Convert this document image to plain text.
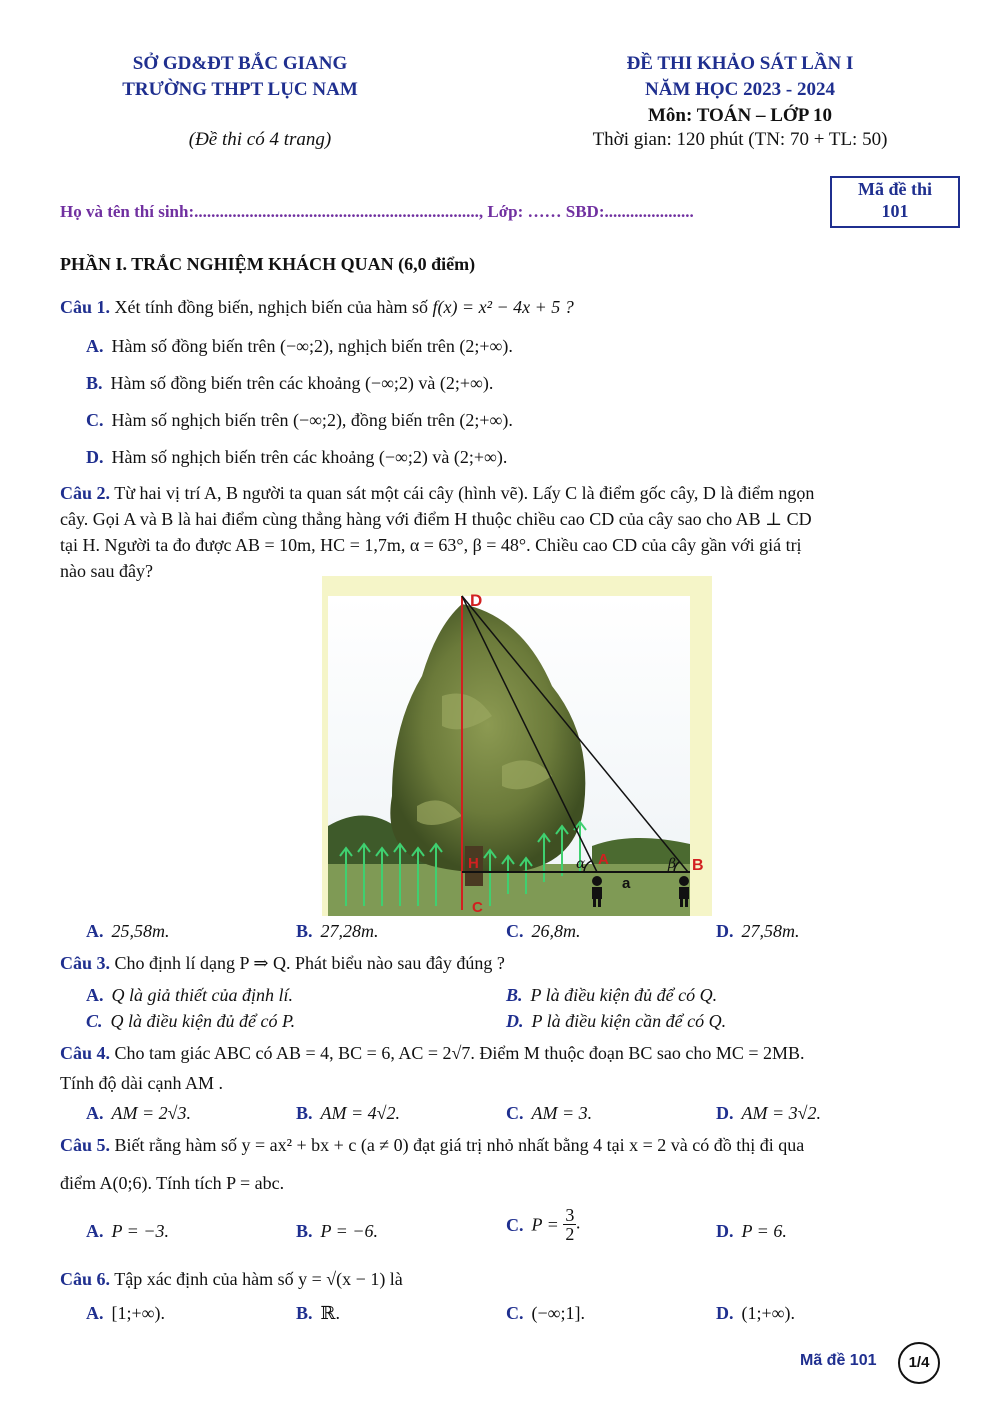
SỞ GD&ĐT BẮC GIANG
TRƯỜNG THPT LỤC NAM
(Đề thi có 4 trang)
ĐỀ THI KHẢO SÁT LẦN I
NĂM HỌC 2023 - 2024
Môn: TOÁN – LỚP 10
Thời gian: 120 phút (TN: 70 + TL: 50)
Mã đề thi
101
Họ và tên thí sinh:..................................................................., Lớp: …… SBD:.....................
PHẦN I. TRẮC NGHIỆM KHÁCH QUAN (6,0 điểm)
Câu 1. Xét tính đồng biến, nghịch biến của hàm số f(x) = x² − 4x + 5 ?
A. Hàm số đồng biến trên (−∞;2), nghịch biến trên (2;+∞).
B. Hàm số đồng biến trên các khoảng (−∞;2) và (2;+∞).
C. Hàm số nghịch biến trên (−∞;2), đồng biến trên (2;+∞).
D. Hàm số nghịch biến trên các khoảng (−∞;2) và (2;+∞).
Câu 2. Từ hai vị trí A, B người ta quan sát một cái cây (hình vẽ). Lấy C là điểm gốc cây, D là điểm ngọn
cây. Gọi A và B là hai điểm cùng thẳng hàng với điểm H thuộc chiều cao CD của cây sao cho AB ⊥ CD
tại H. Người ta đo được AB = 10m, HC = 1,7m, α = 63°, β = 48°. Chiều cao CD của cây gần với giá trị
nào sau đây?
α	β
D
H	A	B
C
a
A. 25,58m.	B. 27,28m.	C. 26,8m.	D. 27,58m.
Câu 3. Cho định lí dạng P ⇒ Q. Phát biểu nào sau đây đúng ?
A. Q là giả thiết của định lí.	B. P là điều kiện đủ để có Q.
C. Q là điều kiện đủ để có P.	D. P là điều kiện cần để có Q.
Câu 4. Cho tam giác ABC có AB = 4, BC = 6, AC = 2√7. Điểm M thuộc đoạn BC sao cho MC = 2MB.
Tính độ dài cạnh AM .
A. AM = 2√3.	B. AM = 4√2.	C. AM = 3.	D. AM = 3√2.
Câu 5. Biết rằng hàm số y = ax² + bx + c (a ≠ 0) đạt giá trị nhỏ nhất bằng 4 tại x = 2 và có đồ thị đi qua
điểm A(0;6). Tính tích P = abc.
A. P = −3.	B. P = −6.	C. $P = \frac{3}{2}$ .	D. P = 6.
Câu 6. Tập xác định của hàm số y = √(x − 1) là
A. [1;+∞).	B. ℝ.	C. (−∞;1].	D. (1;+∞).
Mã đề 101	1/4
